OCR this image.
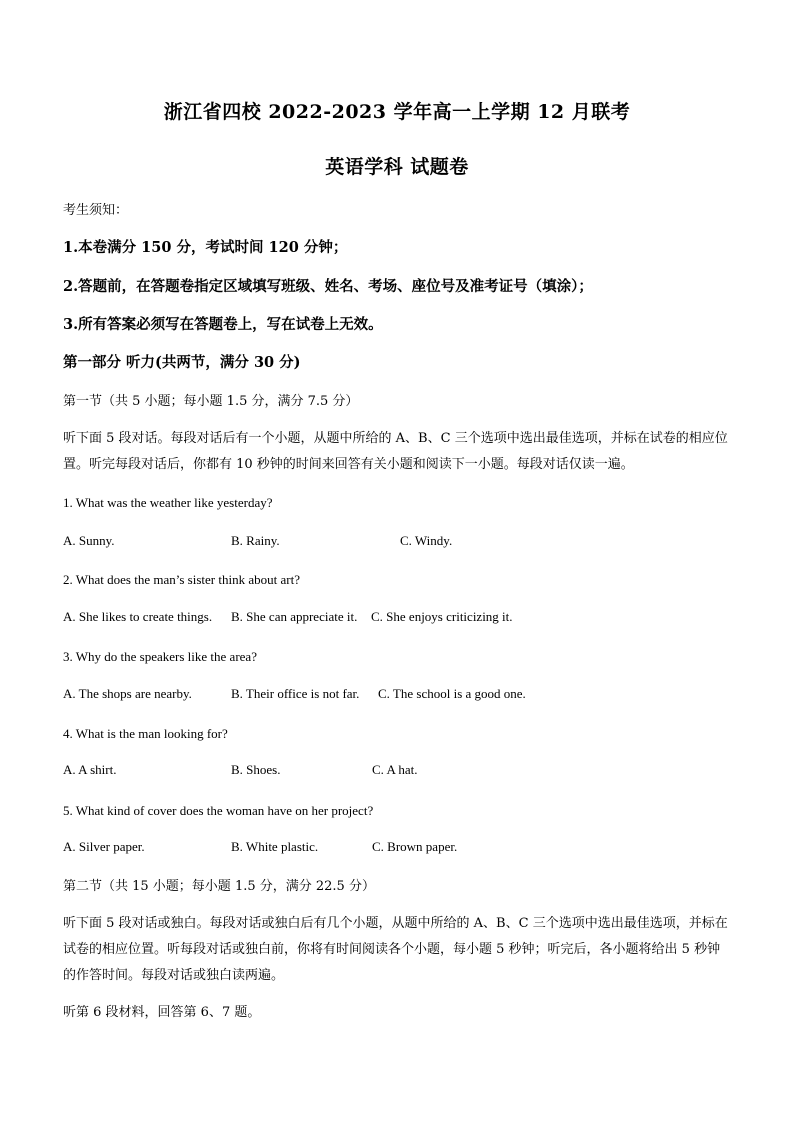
浙江省四校 2022-2023 学年高一上学期 12 月联考
英语学科 试题卷
考生须知：
1.本卷满分 150 分，考试时间 120 分钟；
2.答题前，在答题卷指定区域填写班级、姓名、考场、座位号及准考证号（填涂）；
3.所有答案必须写在答题卷上，写在试卷上无效。
第一部分 听力(共两节，满分 30 分)
第一节（共 5 小题；每小题 1.5 分，满分 7.5 分）
听下面 5 段对话。每段对话后有一个小题，从题中所给的 A、B、C 三个选项中选出最佳选项，并标在试卷的相应位置。听完每段对话后，你都有 10 秒钟的时间来回答有关小题和阅读下一小题。每段对话仅读一遍。
1. What was the weather like yesterday?
A. Sunny.	B. Rainy.	C. Windy.
2. What does the man’s sister think about art?
A. She likes to create things. B. She can appreciate it. C. She enjoys criticizing it.
3. Why do the speakers like the area?
A. The shops are nearby.	B. Their office is not far. C. The school is a good one.
4. What is the man looking for?
A. A shirt.	B. Shoes.	C. A hat.
5. What kind of cover does the woman have on her project?
A. Silver paper.	B. White plastic.	C. Brown paper.
第二节（共 15 小题；每小题 1.5 分，满分 22.5 分）
听下面 5 段对话或独白。每段对话或独白后有几个小题，从题中所给的 A、B、C 三个选项中选出最佳选项，并标在试卷的相应位置。听每段对话或独白前，你将有时间阅读各个小题，每小题 5 秒钟；听完后，各小题将给出 5 秒钟的作答时间。每段对话或独白读两遍。
听第 6 段材料，回答第 6、7 题。
